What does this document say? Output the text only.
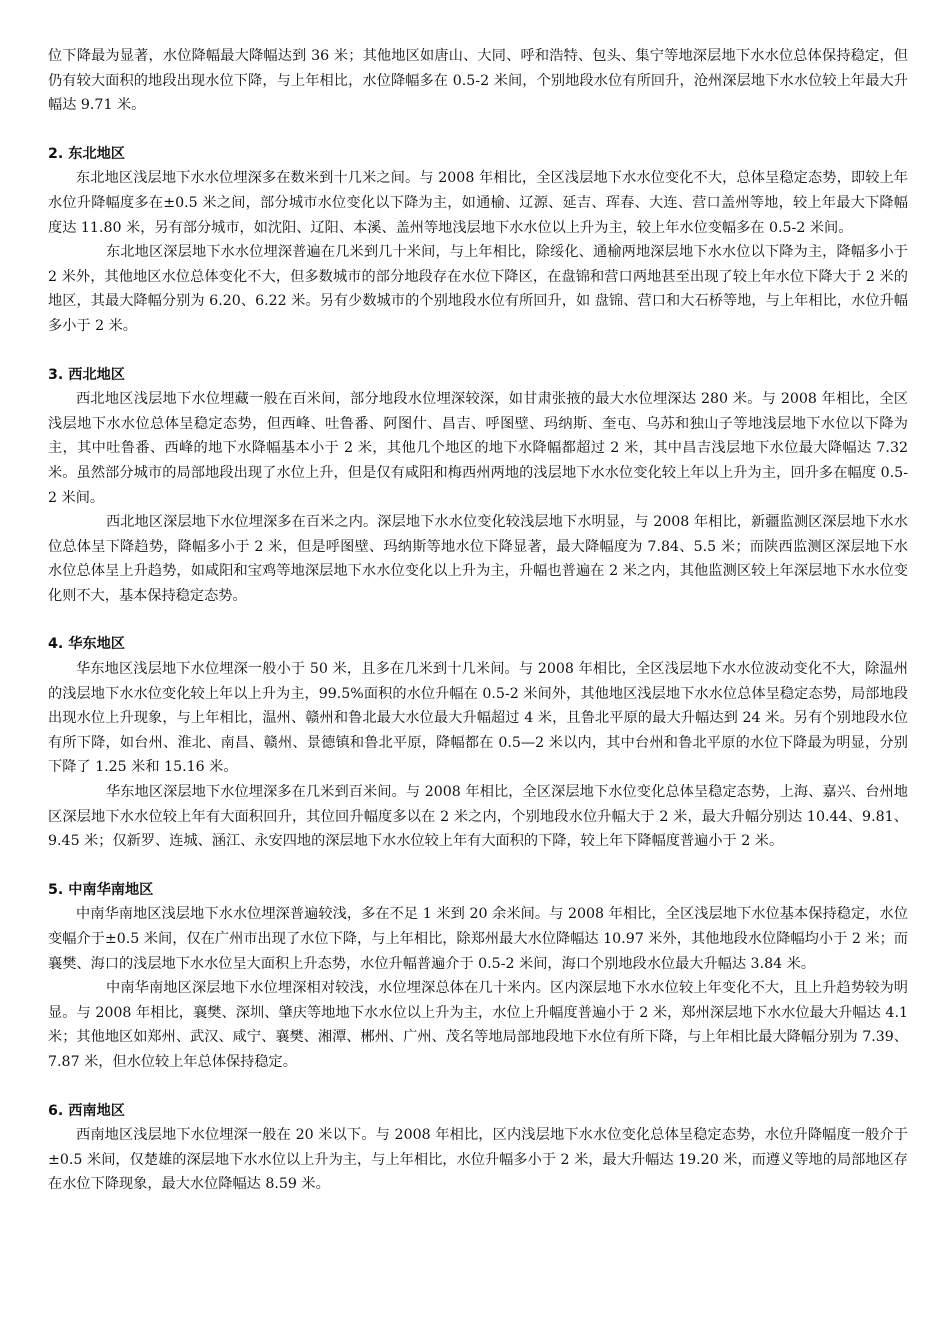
位下降最为显著，水位降幅最大降幅达到 36 米；其他地区如唐山、大同、呼和浩特、包头、集宁等地深层地下水水位总体保持稳定，但仍有较大面积的地段出现水位下降，与上年相比，水位降幅多在 0.5-2 米间，个别地段水位有所回升，沧州深层地下水水位较上年最大升幅达 9.71 米。

2. 东北地区

东北地区浅层地下水水位埋深多在数米到十几米之间。与 2008 年相比，全区浅层地下水水位变化不大，总体呈稳定态势，即较上年水位升降幅度多在±0.5 米之间，部分城市水位变化以下降为主，如通榆、辽源、延吉、珲春、大连、营口盖州等地，较上年最大下降幅度达 11.80 米，另有部分城市，如沈阳、辽阳、本溪、盖州等地浅层地下水水位以上升为主，较上年水位变幅多在 0.5-2 米间。

东北地区深层地下水水位埋深普遍在几米到几十米间，与上年相比，除绥化、通榆两地深层地下水水位以下降为主，降幅多小于 2 米外，其他地区水位总体变化不大，但多数城市的部分地段存在水位下降区，在盘锦和营口两地甚至出现了较上年水位下降大于 2 米的地区，其最大降幅分别为 6.20、6.22 米。另有少数城市的个别地段水位有所回升，如 盘锦、营口和大石桥等地，与上年相比，水位升幅多小于 2 米。

3. 西北地区

西北地区浅层地下水位埋藏一般在百米间，部分地段水位埋深较深，如甘肃张掖的最大水位埋深达 280 米。与 2008 年相比，全区浅层地下水水位总体呈稳定态势，但西峰、吐鲁番、阿图什、昌吉、呼图壁、玛纳斯、奎屯、乌苏和独山子等地浅层地下水位以下降为主，其中吐鲁番、西峰的地下水降幅基本小于 2 米，其他几个地区的地下水降幅都超过 2 米，其中昌吉浅层地下水位最大降幅达 7.32 米。虽然部分城市的局部地段出现了水位上升，但是仅有咸阳和梅西州两地的浅层地下水水位变化较上年以上升为主，回升多在幅度 0.5-2 米间。

西北地区深层地下水位埋深多在百米之内。深层地下水水位变化较浅层地下水明显，与 2008 年相比，新疆监测区深层地下水水位总体呈下降趋势，降幅多小于 2 米，但是呼图壁、玛纳斯等地水位下降显著，最大降幅度为 7.84、5.5 米；而陕西监测区深层地下水水位总体呈上升趋势，如咸阳和宝鸡等地深层地下水水位变化以上升为主，升幅也普遍在 2 米之内，其他监测区较上年深层地下水水位变化则不大，基本保持稳定态势。

4. 华东地区

华东地区浅层地下水位埋深一般小于 50 米，且多在几米到十几米间。与 2008 年相比，全区浅层地下水水位波动变化不大，除温州的浅层地下水水位变化较上年以上升为主，99.5%面积的水位升幅在 0.5-2 米间外，其他地区浅层地下水水位总体呈稳定态势，局部地段出现水位上升现象，与上年相比，温州、赣州和鲁北最大水位最大升幅超过 4 米，且鲁北平原的最大升幅达到 24 米。另有个别地段水位有所下降，如台州、淮北、南昌、赣州、景德镇和鲁北平原，降幅都在 0.5—2 米以内，其中台州和鲁北平原的水位下降最为明显，分别下降了 1.25 米和 15.16 米。

华东地区深层地下水位埋深多在几米到百米间。与 2008 年相比，全区深层地下水位变化总体呈稳定态势，上海、嘉兴、台州地区深层地下水水位较上年有大面积回升，其位回升幅度多以在 2 米之内，个别地段水位升幅大于 2 米，最大升幅分别达 10.44、9.81、9.45 米；仅新罗、连城、涵江、永安四地的深层地下水水位较上年有大面积的下降，较上年下降幅度普遍小于 2 米。

5. 中南华南地区

中南华南地区浅层地下水水位埋深普遍较浅，多在不足 1 米到 20 余米间。与 2008 年相比，全区浅层地下水位基本保持稳定，水位变幅介于±0.5 米间，仅在广州市出现了水位下降，与上年相比，除郑州最大水位降幅达 10.97 米外，其他地段水位降幅均小于 2 米；而襄樊、海口的浅层地下水水位呈大面积上升态势，水位升幅普遍介于 0.5-2 米间，海口个别地段水位最大升幅达 3.84 米。

中南华南地区深层地下水位埋深相对较浅，水位埋深总体在几十米内。区内深层地下水水位较上年变化不大，且上升趋势较为明显。与 2008 年相比，襄樊、深圳、肇庆等地地下水水位以上升为主，水位上升幅度普遍小于 2 米，郑州深层地下水水位最大升幅达 4.1 米；其他地区如郑州、武汉、咸宁、襄樊、湘潭、郴州、广州、茂名等地局部地段地下水位有所下降，与上年相比最大降幅分别为 7.39、7.87 米，但水位较上年总体保持稳定。

6. 西南地区

西南地区浅层地下水位埋深一般在 20 米以下。与 2008 年相比，区内浅层地下水水位变化总体呈稳定态势，水位升降幅度一般介于±0.5 米间，仅楚雄的深层地下水水位以上升为主，与上年相比，水位升幅多小于 2 米，最大升幅达 19.20 米，而遵义等地的局部地区存在水位下降现象，最大水位降幅达 8.59 米。
